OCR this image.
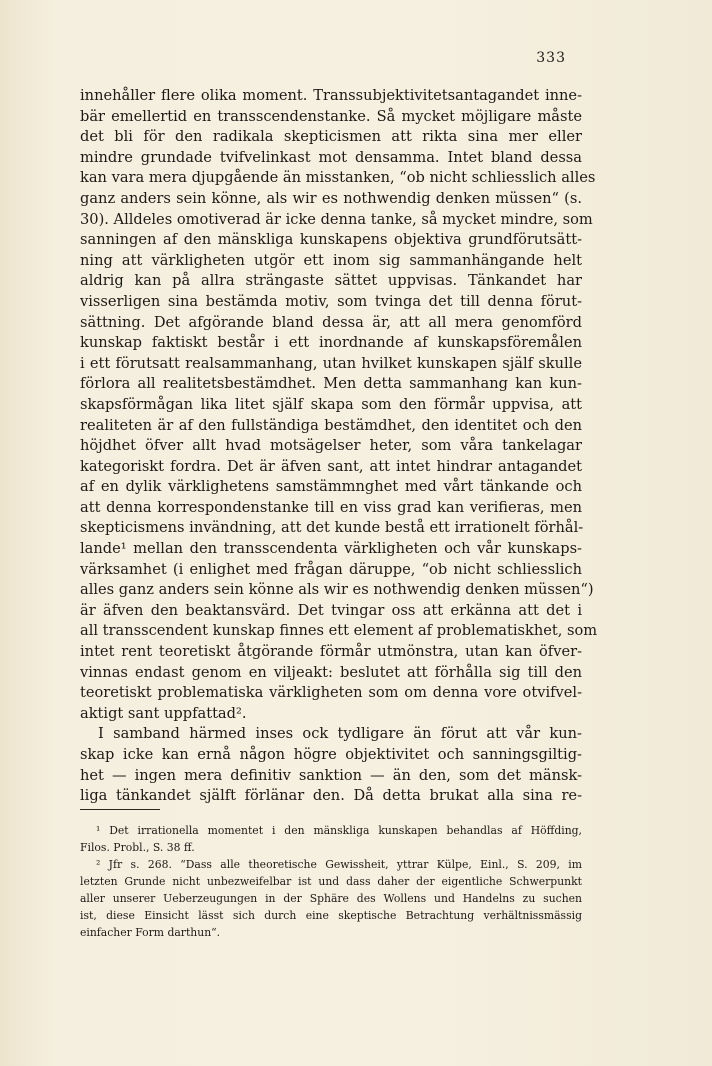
333
innehåller flere olika moment. Transsubjektivitetsantagandet inne-
bär emellertid en transscendenstanke. Så mycket möjligare måste
det bli för den radikala skepticismen att rikta sina mer eller
mindre grundade tvifvelinkast mot densamma. Intet bland dessa
kan vara mera djupgående än misstanken, “ob nicht schliesslich alles
ganz anders sein könne, als wir es nothwendig denken müssen“ (s.
30). Alldeles omotiverad är icke denna tanke, så mycket mindre, som
sanningen af den mänskliga kunskapens objektiva grundförutsätt-
ning att värkligheten utgör ett inom sig sammanhängande helt
aldrig kan på allra strängaste sättet uppvisas. Tänkandet har
visserligen sina bestämda motiv, som tvinga det till denna förut-
sättning. Det afgörande bland dessa är, att all mera genomförd
kunskap faktiskt består i ett inordnande af kunskapsföremålen
i ett förutsatt realsammanhang, utan hvilket kunskapen själf skulle
förlora all realitetsbestämdhet. Men detta sammanhang kan kun-
skapsförmågan lika litet själf skapa som den förmår uppvisa, att
realiteten är af den fullständiga bestämdhet, den identitet och den
höjdhet öfver allt hvad motsägelser heter, som våra tankelagar
kategoriskt fordra. Det är äfven sant, att intet hindrar antagandet
af en dylik värklighetens samstämmnghet med vårt tänkande och
att denna korrespondenstanke till en viss grad kan verifieras, men
skepticismens invändning, att det kunde bestå ett irrationelt förhål-
lande¹ mellan den transscendenta värkligheten och vår kunskaps-
värksamhet (i enlighet med frågan däruppe, “ob nicht schliesslich
alles ganz anders sein könne als wir es nothwendig denken müssen“)
är äfven den beaktansvärd. Det tvingar oss att erkänna att det i
all transscendent kunskap finnes ett element af problematiskhet, som
intet rent teoretiskt åtgörande förmår utmönstra, utan kan öfver-
vinnas endast genom en viljeakt: beslutet att förhålla sig till den
teoretiskt problematiska värkligheten som om denna vore otvifvel-
aktigt sant uppfattad².
I samband härmed inses ock tydligare än förut att vår kun-
skap icke kan ernå någon högre objektivitet och sanningsgiltig-
het — ingen mera definitiv sanktion — än den, som det mänsk-
liga tänkandet själft förlänar den. Då detta brukat alla sina re-
¹ Det irrationella momentet i den mänskliga kunskapen behandlas af Höffding,
Filos. Probl., S. 38 ff.
² Jfr s. 268. “Dass alle theoretische Gewissheit, yttrar Külpe, Einl., S. 209, im
letzten Grunde nicht unbezweifelbar ist und dass daher der eigentliche Schwerpunkt
aller unserer Ueberzeugungen in der Sphäre des Wollens und Handelns zu suchen
ist, diese Einsicht lässt sich durch eine skeptische Betrachtung verhältnissmässig
einfacher Form darthun“.
